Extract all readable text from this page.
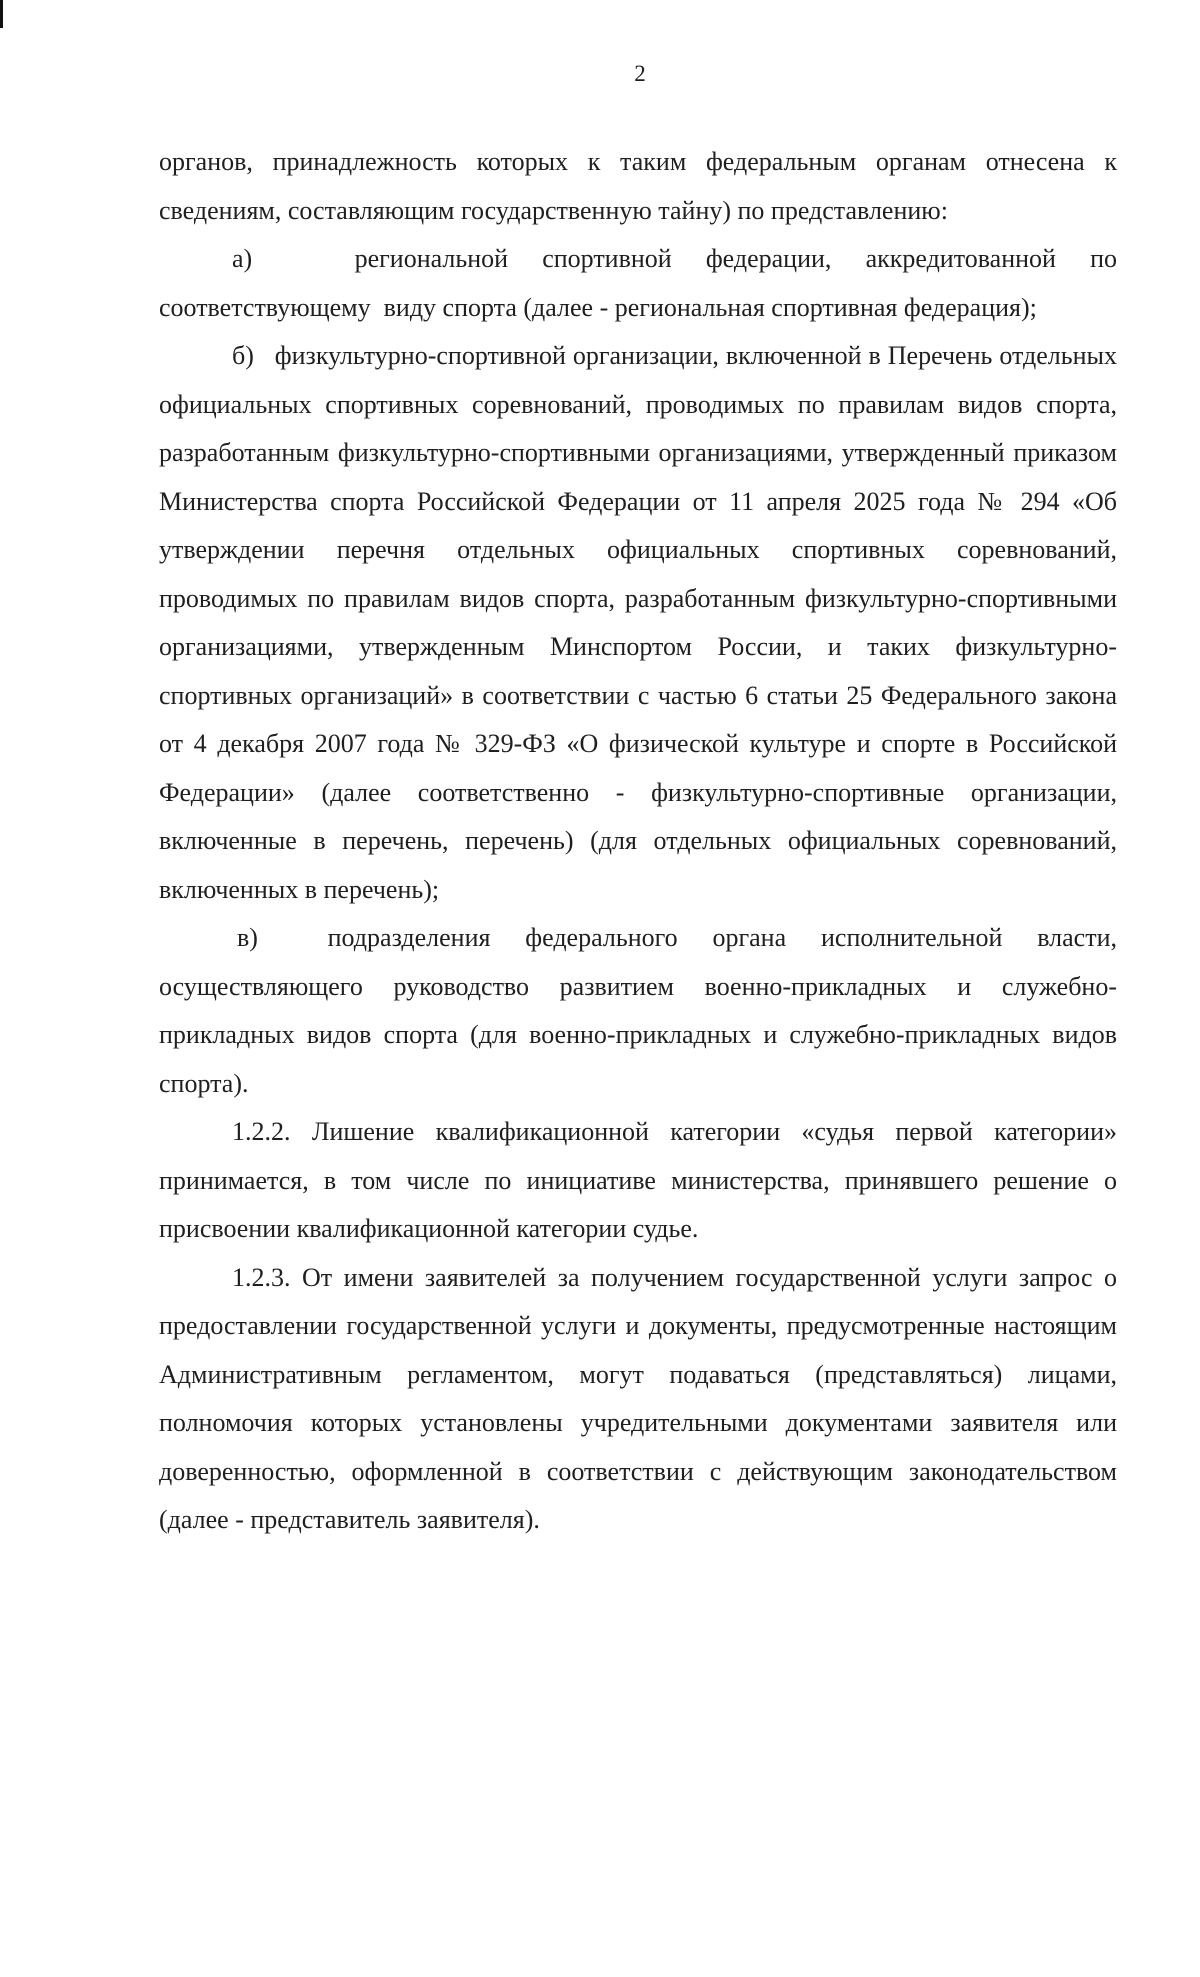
2

органов, принадлежность которых к таким федеральным органам отнесена к сведениям, составляющим государственную тайну) по представлению:

а)   региональной спортивной федерации, аккредитованной по соответствующему  виду спорта (далее - региональная спортивная федерация);

б)   физкультурно-спортивной организации, включенной в Перечень отдельных официальных спортивных соревнований, проводимых по правилам видов спорта, разработанным физкультурно-спортивными организациями, утвержденный приказом Министерства спорта Российской Федерации от 11 апреля 2025 года № 294 «Об утверждении перечня отдельных официальных спортивных соревнований, проводимых по правилам видов спорта, разработанным физкультурно-спортивными организациями, утвержденным Минспортом России, и таких физкультурно-спортивных организаций» в соответствии с частью 6 статьи 25 Федерального закона от 4 декабря 2007 года № 329-ФЗ «О физической культуре и спорте в Российской Федерации» (далее соответственно - физкультурно-спортивные организации, включенные в перечень, перечень) (для отдельных официальных соревнований, включенных в перечень);

в)  подразделения федерального органа исполнительной власти, осуществляющего руководство развитием военно-прикладных и служебно-прикладных видов спорта (для военно-прикладных и служебно-прикладных видов спорта).

1.2.2. Лишение квалификационной категории «судья первой категории» принимается, в том числе по инициативе министерства, принявшего решение о присвоении квалификационной категории судье.

1.2.3. От имени заявителей за получением государственной услуги запрос о предоставлении государственной услуги и документы, предусмотренные настоящим Административным регламентом, могут подаваться (представляться) лицами, полномочия которых установлены учредительными документами заявителя или доверенностью, оформленной в соответствии с действующим законодательством (далее - представитель заявителя).
